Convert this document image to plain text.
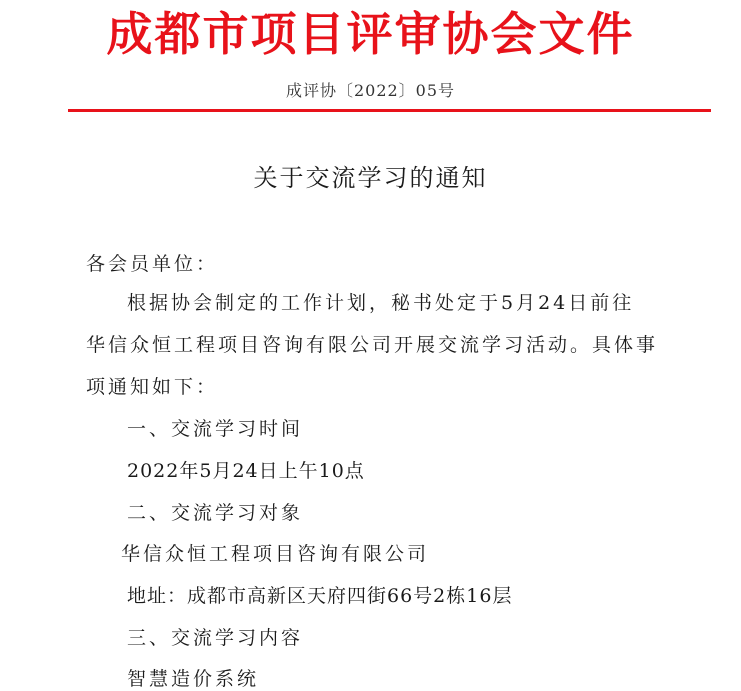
成都市项目评审协会文件
成评协〔2022〕05号
关于交流学习的通知
各会员单位：
根据协会制定的工作计划，秘书处定于5月24日前往
华信众恒工程项目咨询有限公司开展交流学习活动。具体事
项通知如下：
一、交流学习时间
2022年5月24日上午10点
二、交流学习对象
华信众恒工程项目咨询有限公司
地址：成都市高新区天府四街66号2栋16层
三、交流学习内容
智慧造价系统
